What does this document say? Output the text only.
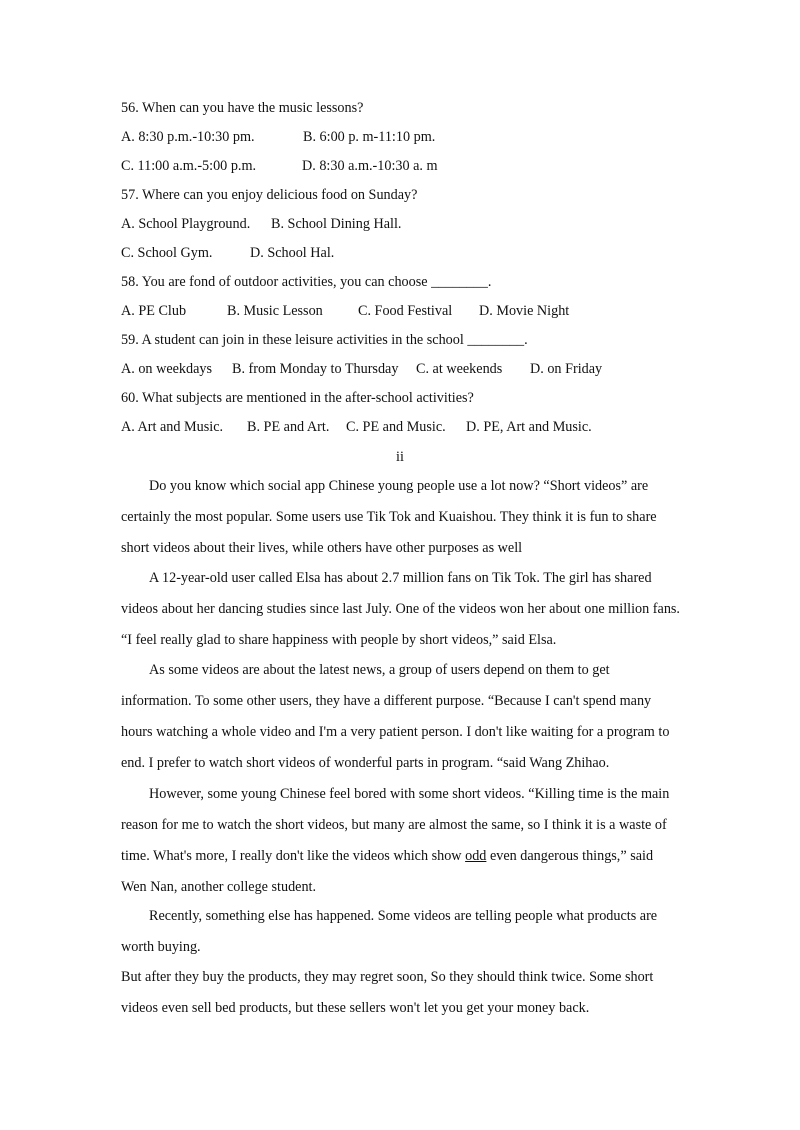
56. When can you have the music lessons?
A. 8:30 p.m.-10:30 pm.	B. 6:00 p. m-11:10 pm.
C. 11:00 a.m.-5:00 p.m.	D. 8:30 a.m.-10:30 a. m
57. Where can you enjoy delicious food on Sunday?
A. School Playground. B. School Dining Hall.
C. School Gym.	D. School Hal.
58. You are fond of outdoor activities, you can choose ________.
A. PE Club	B. Music Lesson C. Food Festival D. Movie Night
59. A student can join in these leisure activities in the school ________.
A. on weekdays B. from Monday to Thursday C. at weekends D. on Friday
60. What subjects are mentioned in the after-school activities?
A. Art and Music. B. PE and Art. C. PE and Music. D. PE, Art and Music.
ii
Do you know which social app Chinese young people use a lot now? “Short videos” are
certainly the most popular. Some users use Tik Tok and Kuaishou. They think it is fun to share
short videos about their lives, while others have other purposes as well
A 12-year-old user called Elsa has about 2.7 million fans on Tik Tok. The girl has shared
videos about her dancing studies since last July. One of the videos won her about one million fans.
“I feel really glad to share happiness with people by short videos,” said Elsa.
As some videos are about the latest news, a group of users depend on them to get
information. To some other users, they have a different purpose. “Because I can't spend many
hours watching a whole video and I'm a very patient person. I don't like waiting for a program to
end. I prefer to watch short videos of wonderful parts in program. “said Wang Zhihao.
However, some young Chinese feel bored with some short videos. “Killing time is the main
reason for me to watch the short videos, but many are almost the same, so I think it is a waste of
time. What's more, I really don't like the videos which show odd even dangerous things,” said
Wen Nan, another college student.
Recently, something else has happened. Some videos are telling people what products are
worth buying.
But after they buy the products, they may regret soon, So they should think twice. Some short
videos even sell bed products, but these sellers won't let you get your money back.
